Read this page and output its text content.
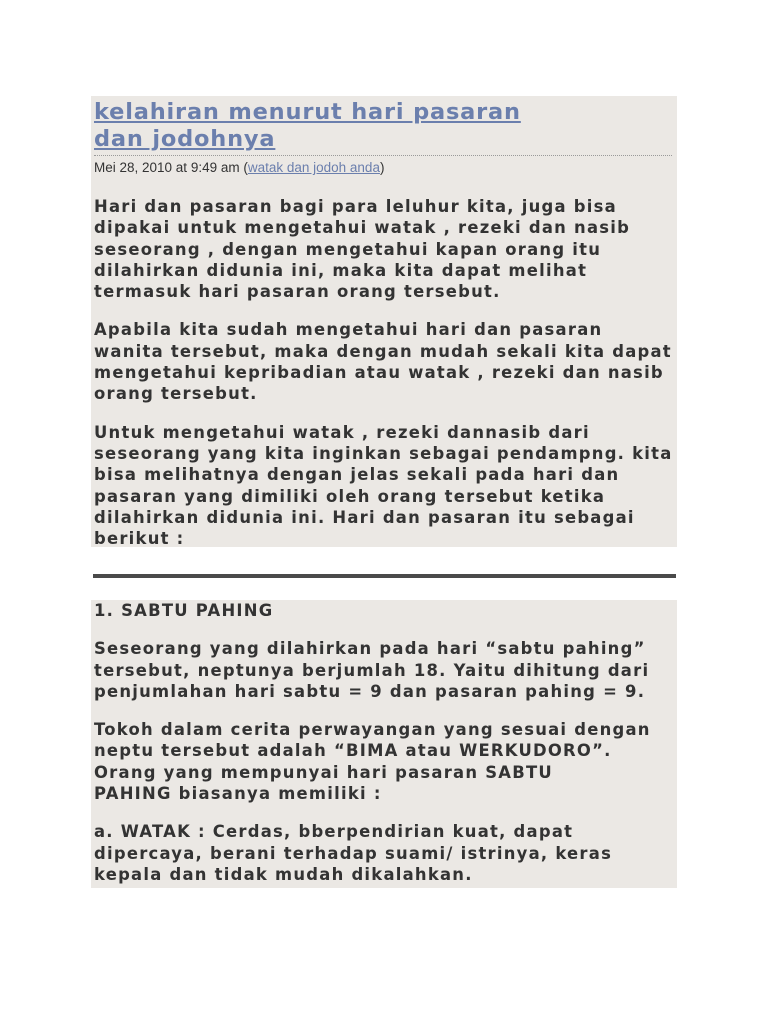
kelahiran menurut hari pasaran
dan jodohnya

Mei 28, 2010 at 9:49 am (watak dan jodoh anda)

Hari dan pasaran bagi para leluhur kita, juga bisa
dipakai untuk mengetahui watak , rezeki dan nasib
seseorang , dengan mengetahui kapan orang itu
dilahirkan didunia ini, maka kita dapat melihat
termasuk hari pasaran orang tersebut.

Apabila kita sudah mengetahui hari dan pasaran
wanita tersebut, maka dengan mudah sekali kita dapat
mengetahui kepribadian atau watak , rezeki dan nasib
orang tersebut.

Untuk mengetahui watak , rezeki dannasib dari
seseorang yang kita inginkan sebagai pendampng. kita
bisa melihatnya dengan jelas sekali pada hari dan
pasaran yang dimiliki oleh orang tersebut ketika
dilahirkan didunia ini. Hari dan pasaran itu sebagai
berikut :

1. SABTU PAHING

Seseorang yang dilahirkan pada hari “sabtu pahing”
tersebut, neptunya berjumlah 18. Yaitu dihitung dari
penjumlahan hari sabtu = 9 dan pasaran pahing = 9.

Tokoh dalam cerita perwayangan yang sesuai dengan
neptu tersebut adalah “BIMA atau WERKUDORO”.
Orang yang mempunyai hari pasaran SABTU
PAHING biasanya memiliki :

a. WATAK : Cerdas, bberpendirian kuat, dapat
dipercaya, berani terhadap suami/ istrinya, keras
kepala dan tidak mudah dikalahkan.
